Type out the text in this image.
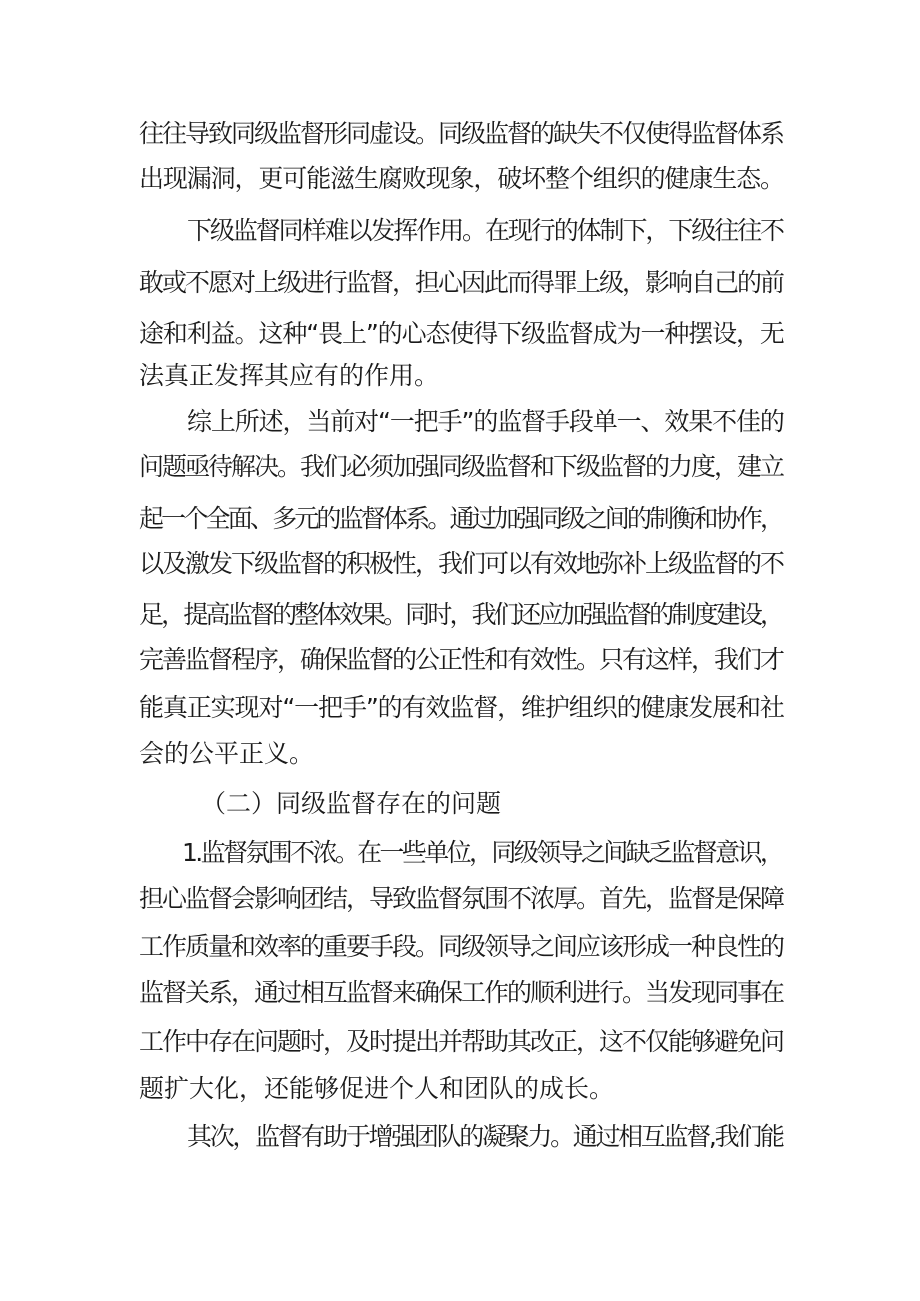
往往导致同级监督形同虚设。同级监督的缺失不仅使得监督体系
出现漏洞，更可能滋生腐败现象，破坏整个组织的健康生态。
下级监督同样难以发挥作用。在现行的体制下，下级往往不
敢或不愿对上级进行监督，担心因此而得罪上级，影响自己的前
途和利益。这种“畏上”的心态使得下级监督成为一种摆设，无
法真正发挥其应有的作用。
综上所述，当前对“一把手”的监督手段单一、效果不佳的
问题亟待解决。我们必须加强同级监督和下级监督的力度，建立
起一个全面、多元的监督体系。通过加强同级之间的制衡和协作，
以及激发下级监督的积极性，我们可以有效地弥补上级监督的不
足，提高监督的整体效果。同时，我们还应加强监督的制度建设，
完善监督程序，确保监督的公正性和有效性。只有这样，我们才
能真正实现对“一把手”的有效监督，维护组织的健康发展和社
会的公平正义。
（二）同级监督存在的问题
1.监督氛围不浓。在一些单位，同级领导之间缺乏监督意识，
担心监督会影响团结，导致监督氛围不浓厚。首先，监督是保障
工作质量和效率的重要手段。同级领导之间应该形成一种良性的
监督关系，通过相互监督来确保工作的顺利进行。当发现同事在
工作中存在问题时，及时提出并帮助其改正，这不仅能够避免问
题扩大化，还能够促进个人和团队的成长。
其次，监督有助于增强团队的凝聚力。通过相互监督,我们能
